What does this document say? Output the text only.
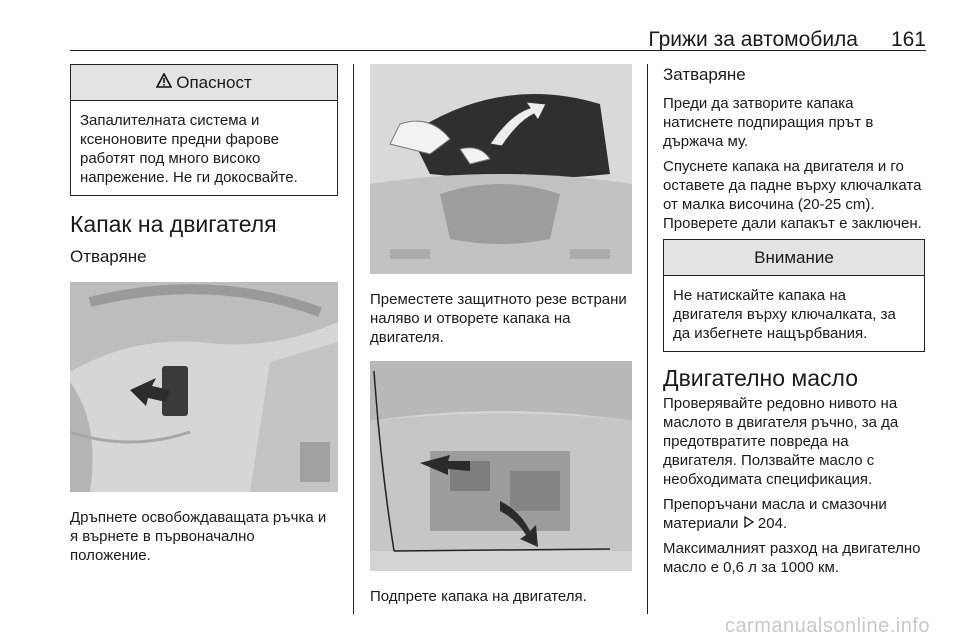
Грижи за автомобила 161
Опасност
Запалителната система и ксеноновите предни фарове работят под много високо напрежение. Не ги докосвайте.
Капак на двигателя
Отваряне
Дръпнете освобождаващата ръчка и я върнете в първоначално положение.
Преместете защитното резе встрани наляво и отворете капака на двигателя.
Подпрете капака на двигателя.
Затваряне
Преди да затворите капака натиснете подпиращия прът в държача му.
Спуснете капака на двигателя и го оставете да падне върху ключалката от малка височина (20-25 cm). Проверете дали капакът е заключен.
Внимание
Не натискайте капака на двигателя върху ключалката, за да избегнете нащърбвания.
Двигателно масло
Проверявайте редовно нивото на маслото в двигателя ръчно, за да предотвратите повреда на двигателя. Ползвайте масло с необходимата спецификация.
Препоръчани масла и смазочни материали 204.
Максималният разход на двигателно масло е 0,6 л за 1000 км.
carmanualsonline.info
